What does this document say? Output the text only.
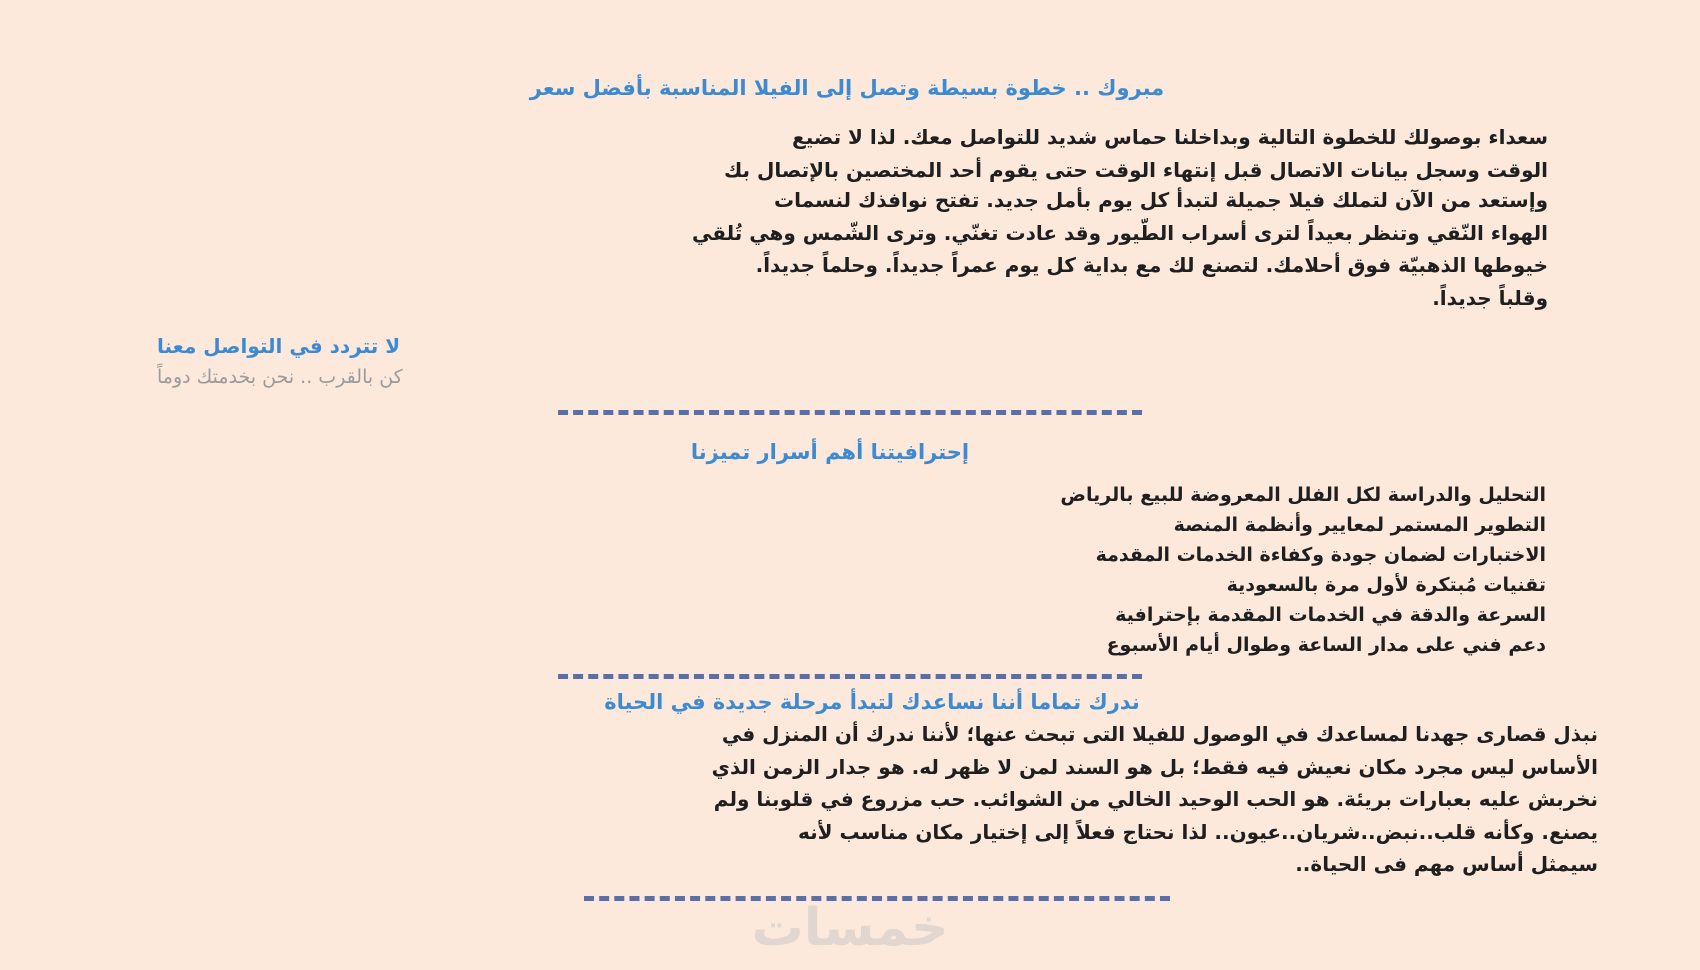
مبروك .. خطوة بسيطة وتصل إلى الفيلا المناسبة بأفضل سعر
سعداء بوصولك للخطوة التالية وبداخلنا حماس شديد للتواصل معك. لذا لا تضيع
الوقت وسجل بيانات الاتصال قبل إنتهاء الوقت حتى يقوم أحد المختصين بالإتصال بك
وإستعد من الآن لتملك فيلا جميلة لتبدأ كل يوم بأمل جديد. تفتح نوافذك لنسمات
الهواء النّقي وتنظر بعيداً لترى أسراب الطّيور وقد عادت تغنّي. وترى الشّمس وهي تُلقي
خيوطها الذهبيّة فوق أحلامك. لتصنع لك مع بداية كل يوم عمراً جديداً. وحلماً جديداً.
وقلباً جديداً.
لا تتردد في التواصل معنا
كن بالقرب .. نحن بخدمتك دوماً
إحترافيتنا أهم أسرار تميزنا
التحليل والدراسة لكل الفلل المعروضة للبيع بالرياض
التطوير المستمر لمعايير وأنظمة المنصة
الاختبارات لضمان جودة وكفاءة الخدمات المقدمة
تقنيات مُبتكرة لأول مرة بالسعودية
السرعة والدقة في الخدمات المقدمة بإحترافية
دعم فني على مدار الساعة وطوال أيام الأسبوع
ندرك تماما أننا نساعدك لتبدأ مرحلة جديدة في الحياة
نبذل قصارى جهدنا لمساعدك في الوصول للفيلا التى تبحث عنها؛ لأننا ندرك أن المنزل في
الأساس ليس مجرد مكان نعيش فيه فقط؛ بل هو السند لمن لا ظهر له. هو جدار الزمن الذي
نخربش عليه بعبارات بريئة. هو الحب الوحيد الخالي من الشوائب. حب مزروع في قلوبنا ولم
يصنع. وكأنه قلب..نبض..شريان..عيون.. لذا نحتاج فعلاً إلى إختيار مكان مناسب لأنه
سيمثل أساس مهم فى الحياة..
خمسات
